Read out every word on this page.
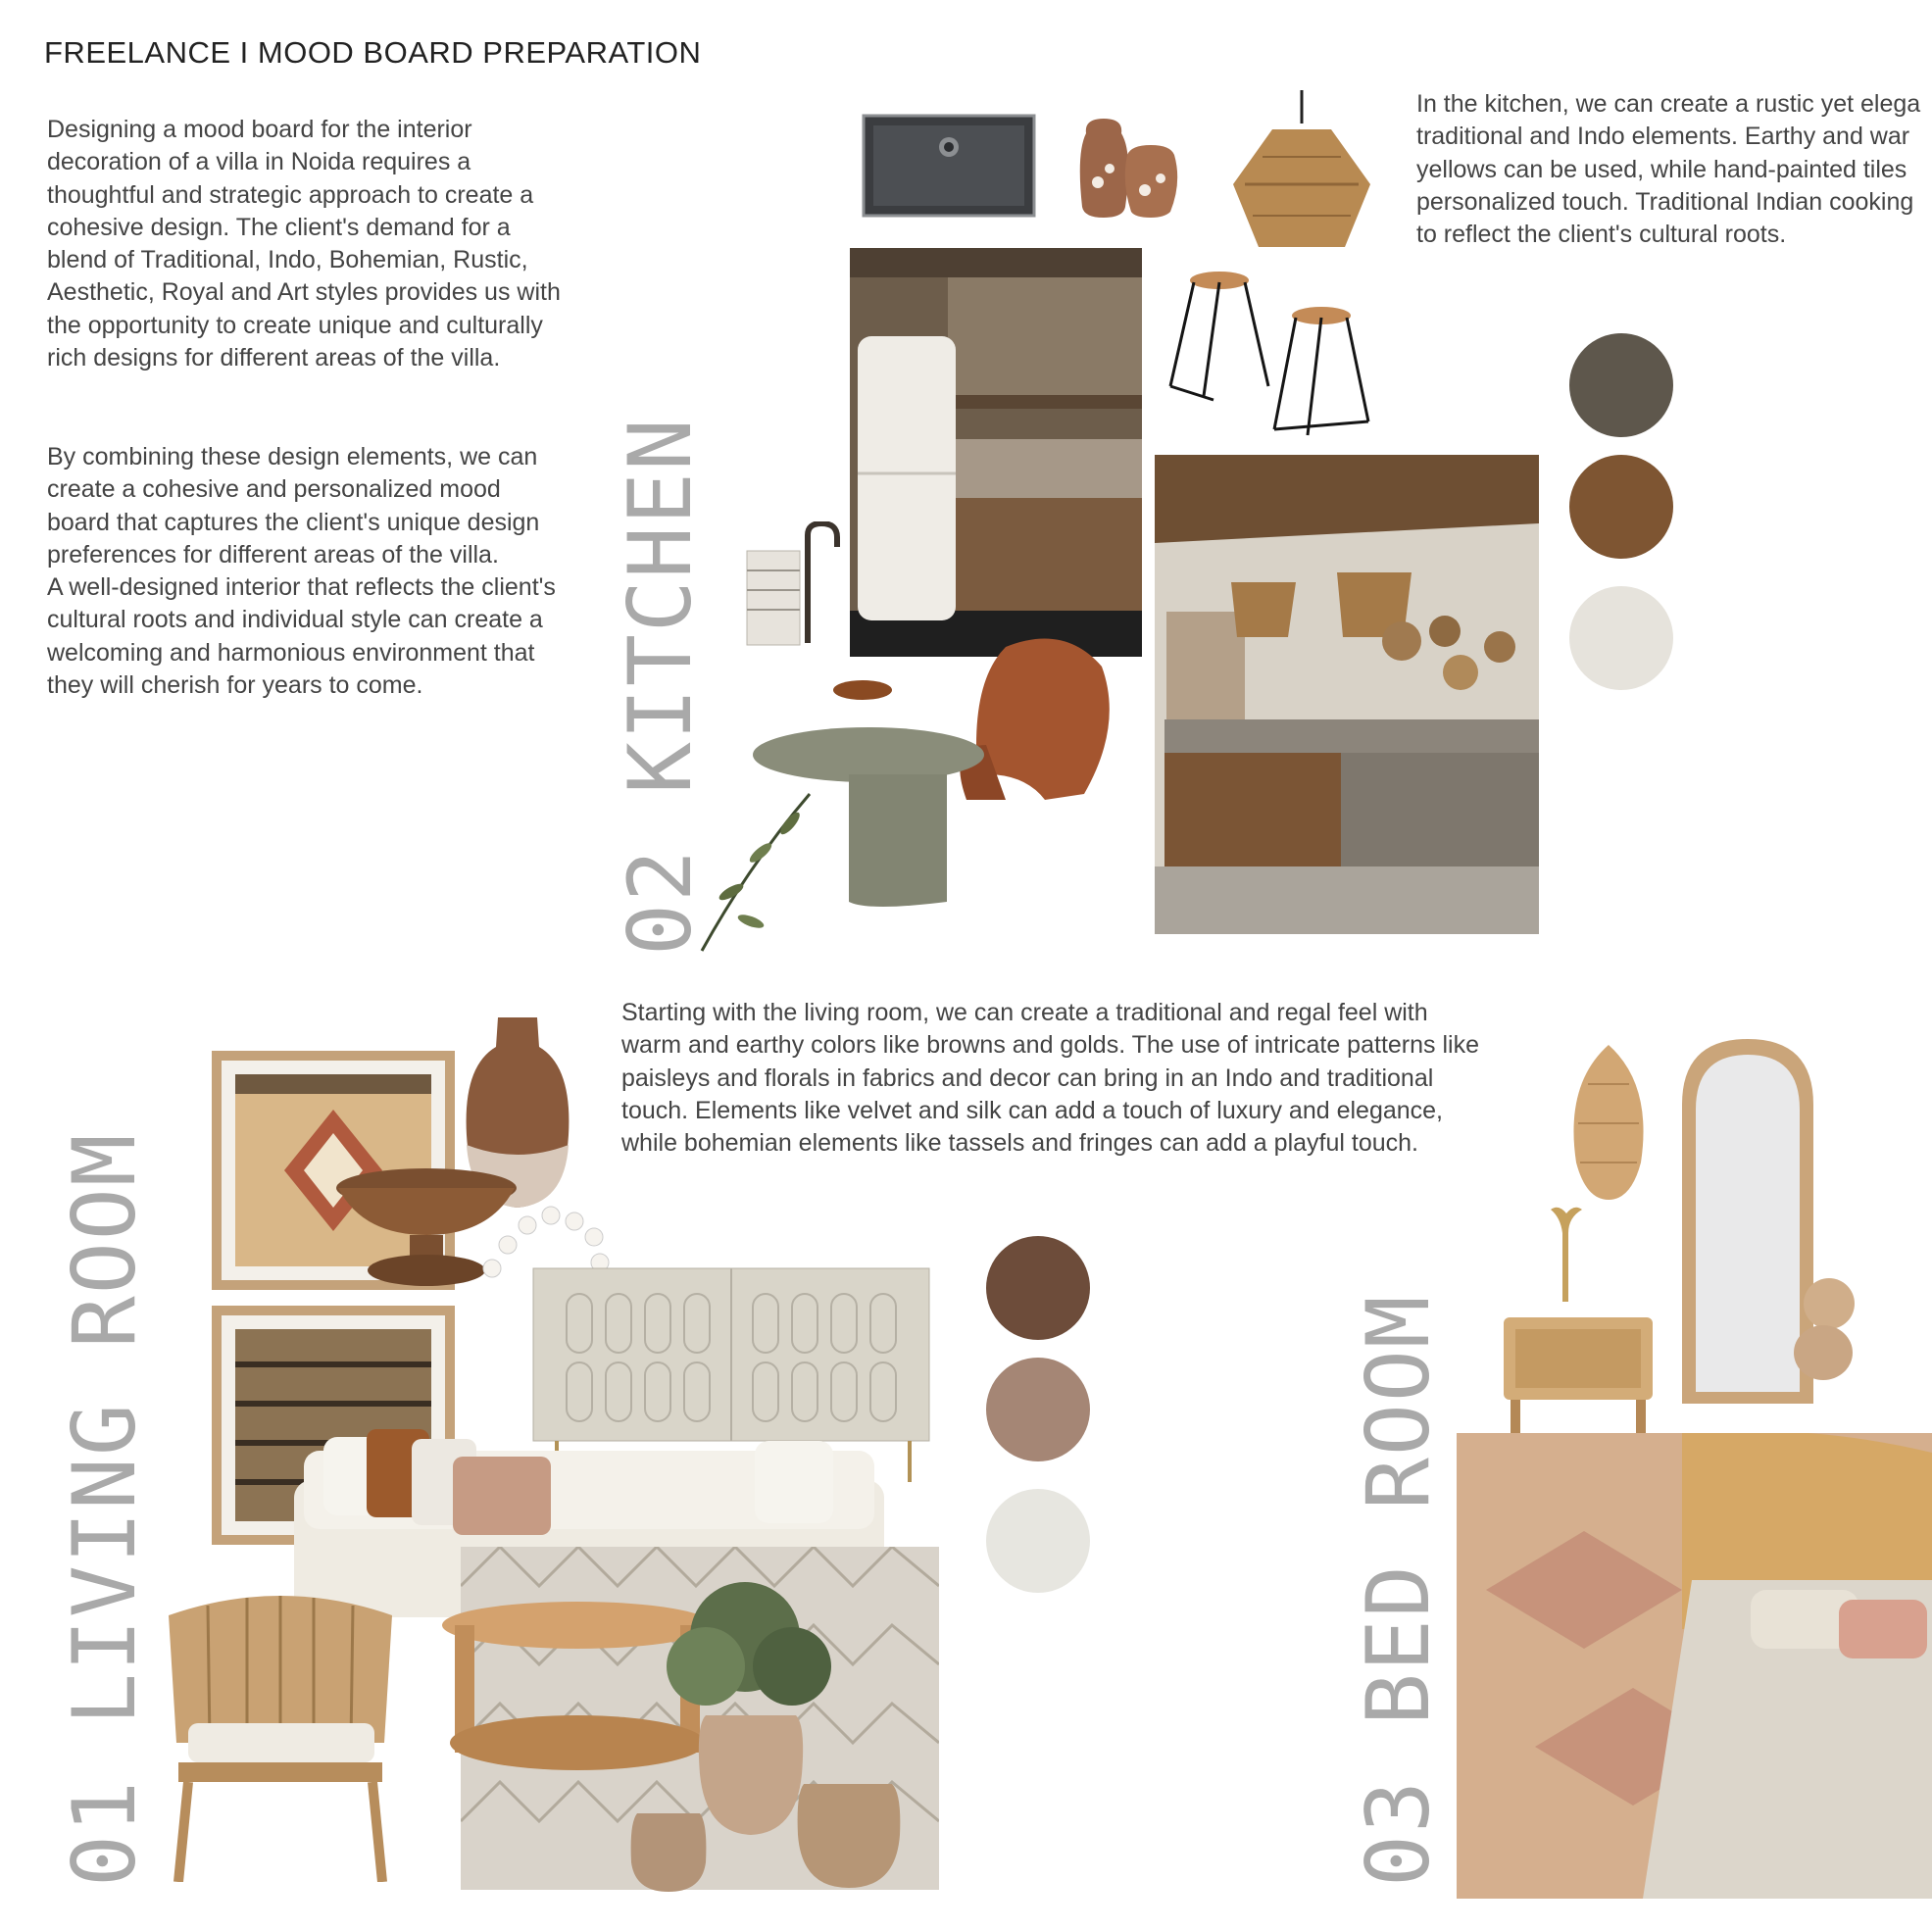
FREELANCE I MOOD BOARD PREPARATION
Designing a mood board for the interior
decoration of a villa in Noida requires a
thoughtful and strategic approach to create a
cohesive design. The client's demand for a
blend of Traditional, Indo, Bohemian, Rustic,
Aesthetic, Royal and Art styles provides us with
the opportunity to create unique and culturally
rich designs for different areas of the villa.
By combining these design elements, we can
create a cohesive and personalized mood
board that captures the client's unique design
preferences for different areas of the villa.
A well-designed interior that reflects the client's
cultural roots and individual style can create a
welcoming and harmonious environment that
they will cherish for years to come.
In the kitchen, we can create a rustic yet elega
traditional and Indo elements. Earthy and war
yellows can be used, while hand-painted tiles
personalized touch. Traditional Indian cooking
to reflect the client's cultural roots.
Starting with the living room, we can create a traditional and regal feel with
warm and earthy colors like browns and golds. The use of intricate patterns like
paisleys and florals in fabrics and decor can bring in an Indo and traditional
touch. Elements like velvet and silk can add a touch of luxury and elegance,
while bohemian elements like tassels and fringes can add a playful touch.
02 KITCHEN
01 LIVING ROOM	03 BED ROOM
